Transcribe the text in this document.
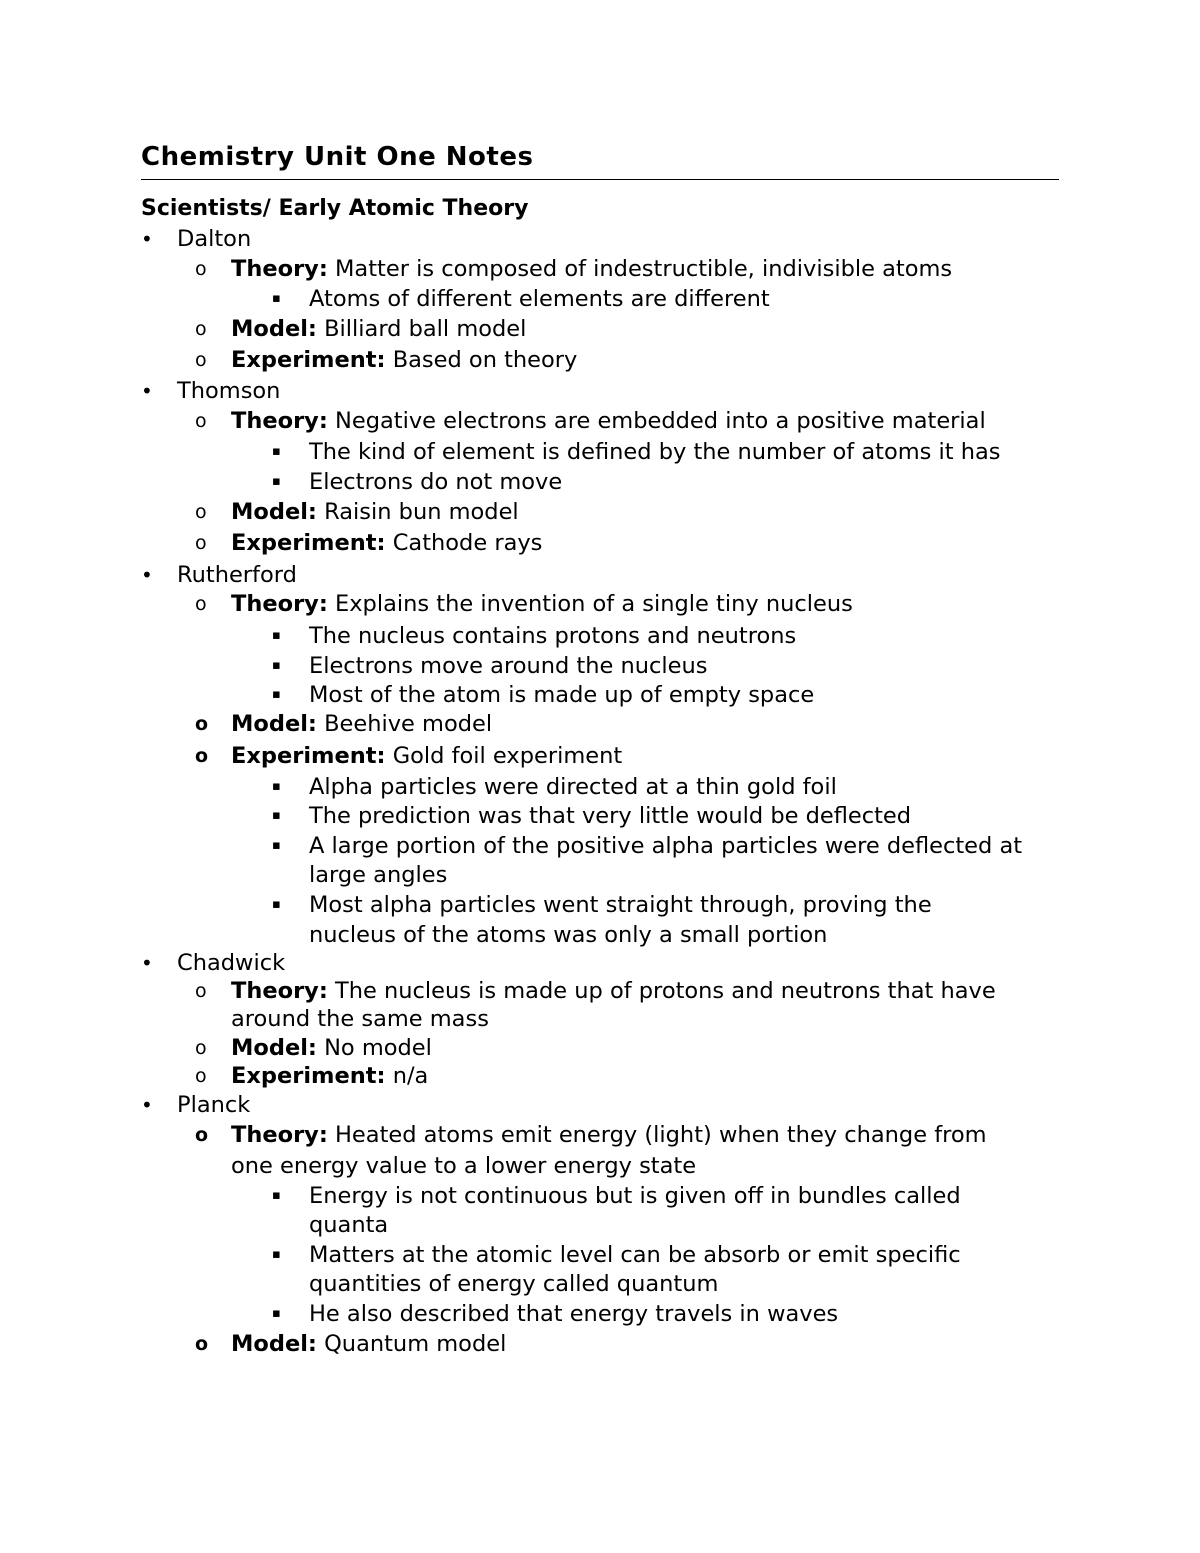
Chemistry Unit One Notes
Scientists/ Early Atomic Theory
• Dalton
o Theory: Matter is composed of indestructible, indivisible atoms
▪ Atoms of different elements are different
o Model: Billiard ball model
o Experiment: Based on theory
• Thomson
o Theory: Negative electrons are embedded into a positive material
▪ The kind of element is defined by the number of atoms it has
▪ Electrons do not move
o Model: Raisin bun model
o Experiment: Cathode rays
• Rutherford
o Theory: Explains the invention of a single tiny nucleus
▪ The nucleus contains protons and neutrons
▪ Electrons move around the nucleus
▪ Most of the atom is made up of empty space
o Model: Beehive model
o Experiment: Gold foil experiment
▪ Alpha particles were directed at a thin gold foil
▪ The prediction was that very little would be deflected
▪ A large portion of the positive alpha particles were deflected at
large angles
▪ Most alpha particles went straight through, proving the
nucleus of the atoms was only a small portion
• Chadwick
o Theory: The nucleus is made up of protons and neutrons that have
around the same mass
o Model: No model
o Experiment: n/a
• Planck
o Theory: Heated atoms emit energy (light) when they change from
one energy value to a lower energy state
▪ Energy is not continuous but is given off in bundles called
quanta
▪ Matters at the atomic level can be absorb or emit specific
quantities of energy called quantum
▪ He also described that energy travels in waves
o Model: Quantum model
